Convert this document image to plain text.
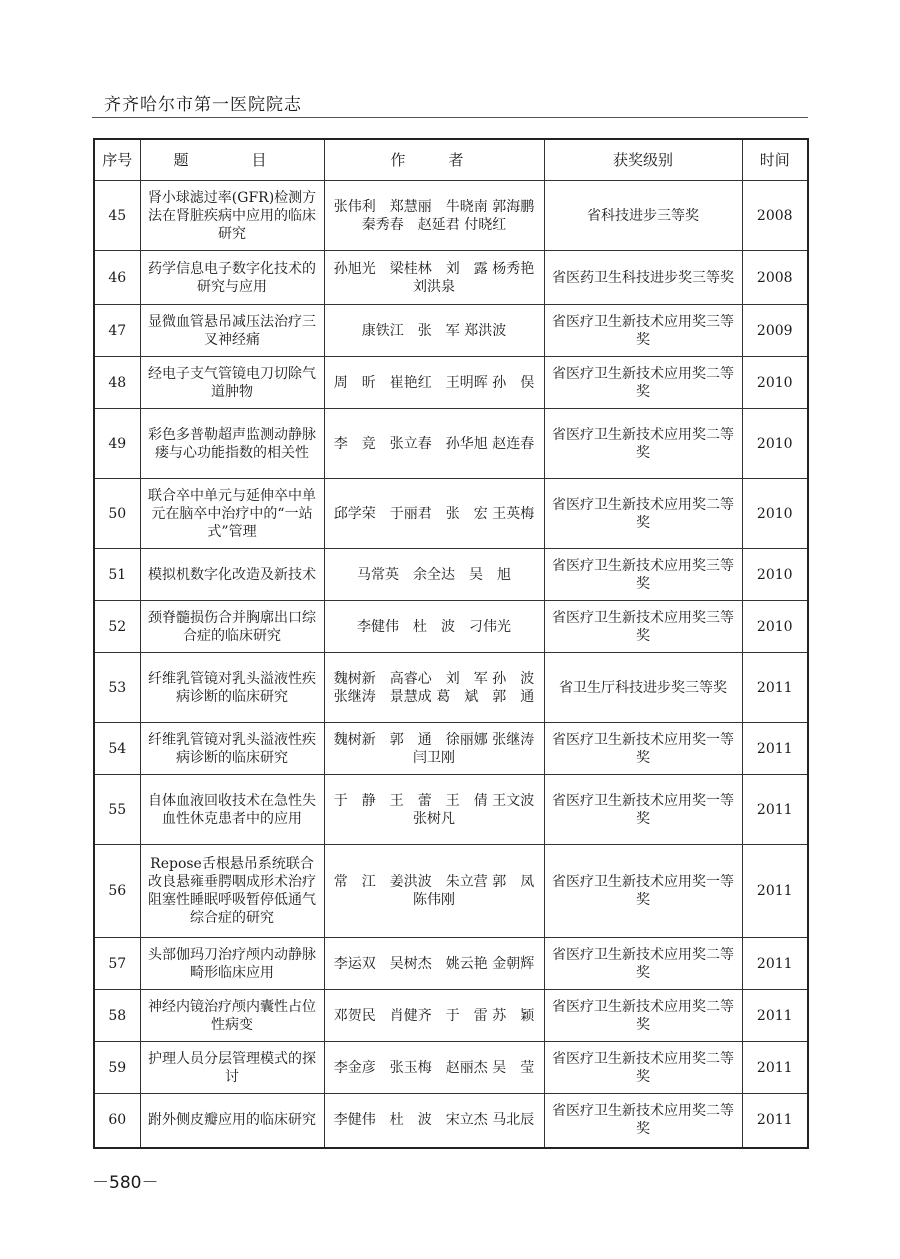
齐齐哈尔市第一医院院志
序号	题　目	作　者	获奖级别	时间
45	肾小球滤过率(GFR)检测方法在肾脏疾病中应用的临床研究	张伟利　郑慧丽　牛晓南 郭海鹏　秦秀春　赵延君 付晓红	省科技进步三等奖	2008
46	药学信息电子数字化技术的研究与应用	孙旭光　梁桂林　刘　露 杨秀艳　刘洪泉	省医药卫生科技进步奖三等奖	2008
47	显微血管悬吊减压法治疗三叉神经痛	康铁江　张　军 郑洪波	省医疗卫生新技术应用奖三等奖	2009
48	经电子支气管镜电刀切除气道肿物	周　昕　崔艳红　王明晖 孙　俣	省医疗卫生新技术应用奖二等奖	2010
49	彩色多普勒超声监测动静脉瘘与心功能指数的相关性	李　竞　张立春　孙华旭 赵连春	省医疗卫生新技术应用奖二等奖	2010
50	联合卒中单元与延伸卒中单元在脑卒中治疗中的“一站式”管理	邱学荣　于丽君　张　宏 王英梅	省医疗卫生新技术应用奖二等奖	2010
51	模拟机数字化改造及新技术	马常英　余全达　吴　旭	省医疗卫生新技术应用奖三等奖	2010
52	颈脊髓损伤合并胸廓出口综合症的临床研究	李健伟　杜　波　刁伟光	省医疗卫生新技术应用奖三等奖	2010
53	纤维乳管镜对乳头溢液性疾病诊断的临床研究	魏树新　高睿心　刘　军 孙　波　张继涛　景慧成 葛　斌　郭　通	省卫生厅科技进步奖三等奖	2011
54	纤维乳管镜对乳头溢液性疾病诊断的临床研究	魏树新　郭　通　徐丽娜 张继涛　闫卫刚	省医疗卫生新技术应用奖一等奖	2011
55	自体血液回收技术在急性失血性休克患者中的应用	于　静　王　蕾　王　倩 王文波　张树凡	省医疗卫生新技术应用奖一等奖	2011
56	Repose舌根悬吊系统联合改良悬雍垂腭咽成形术治疗阻塞性睡眠呼吸暂停低通气综合症的研究	常　江　姜洪波　朱立营 郭　凤　陈伟刚	省医疗卫生新技术应用奖一等奖	2011
57	头部伽玛刀治疗颅内动静脉畸形临床应用	李运双　吴树杰　姚云艳 金朝辉	省医疗卫生新技术应用奖二等奖	2011
58	神经内镜治疗颅内囊性占位性病变	邓贺民　肖健齐　于　雷 苏　颖	省医疗卫生新技术应用奖二等奖	2011
59	护理人员分层管理模式的探讨	李金彦　张玉梅　赵丽杰 吴　莹	省医疗卫生新技术应用奖二等奖	2011
60	跗外侧皮瓣应用的临床研究	李健伟　杜　波　宋立杰 马北辰	省医疗卫生新技术应用奖二等奖	2011
－580－
